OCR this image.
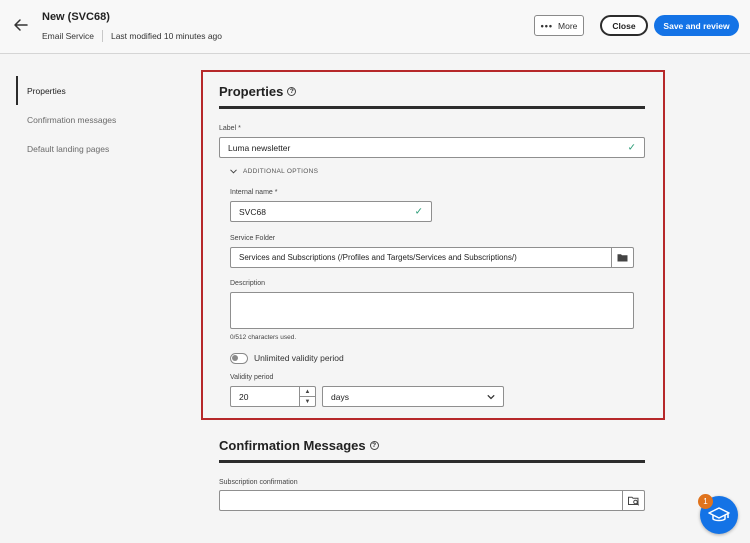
New (SVC68)
Email Service Last modified 10 minutes ago
••• More	Close	Save and review
Properties
Confirmation messages
Default landing pages
Properties	?
Label *
Luma newsletter	✓
ADDITIONAL OPTIONS
Internal name *
SVC68	✓
Service Folder
Services and Subscriptions (/Profiles and Targets/Services and Subscriptions/)
Description
0/512 characters used.
Unlimited validity period
Validity period
20	▲
▼
days
Confirmation Messages	?
Subscription confirmation
1
